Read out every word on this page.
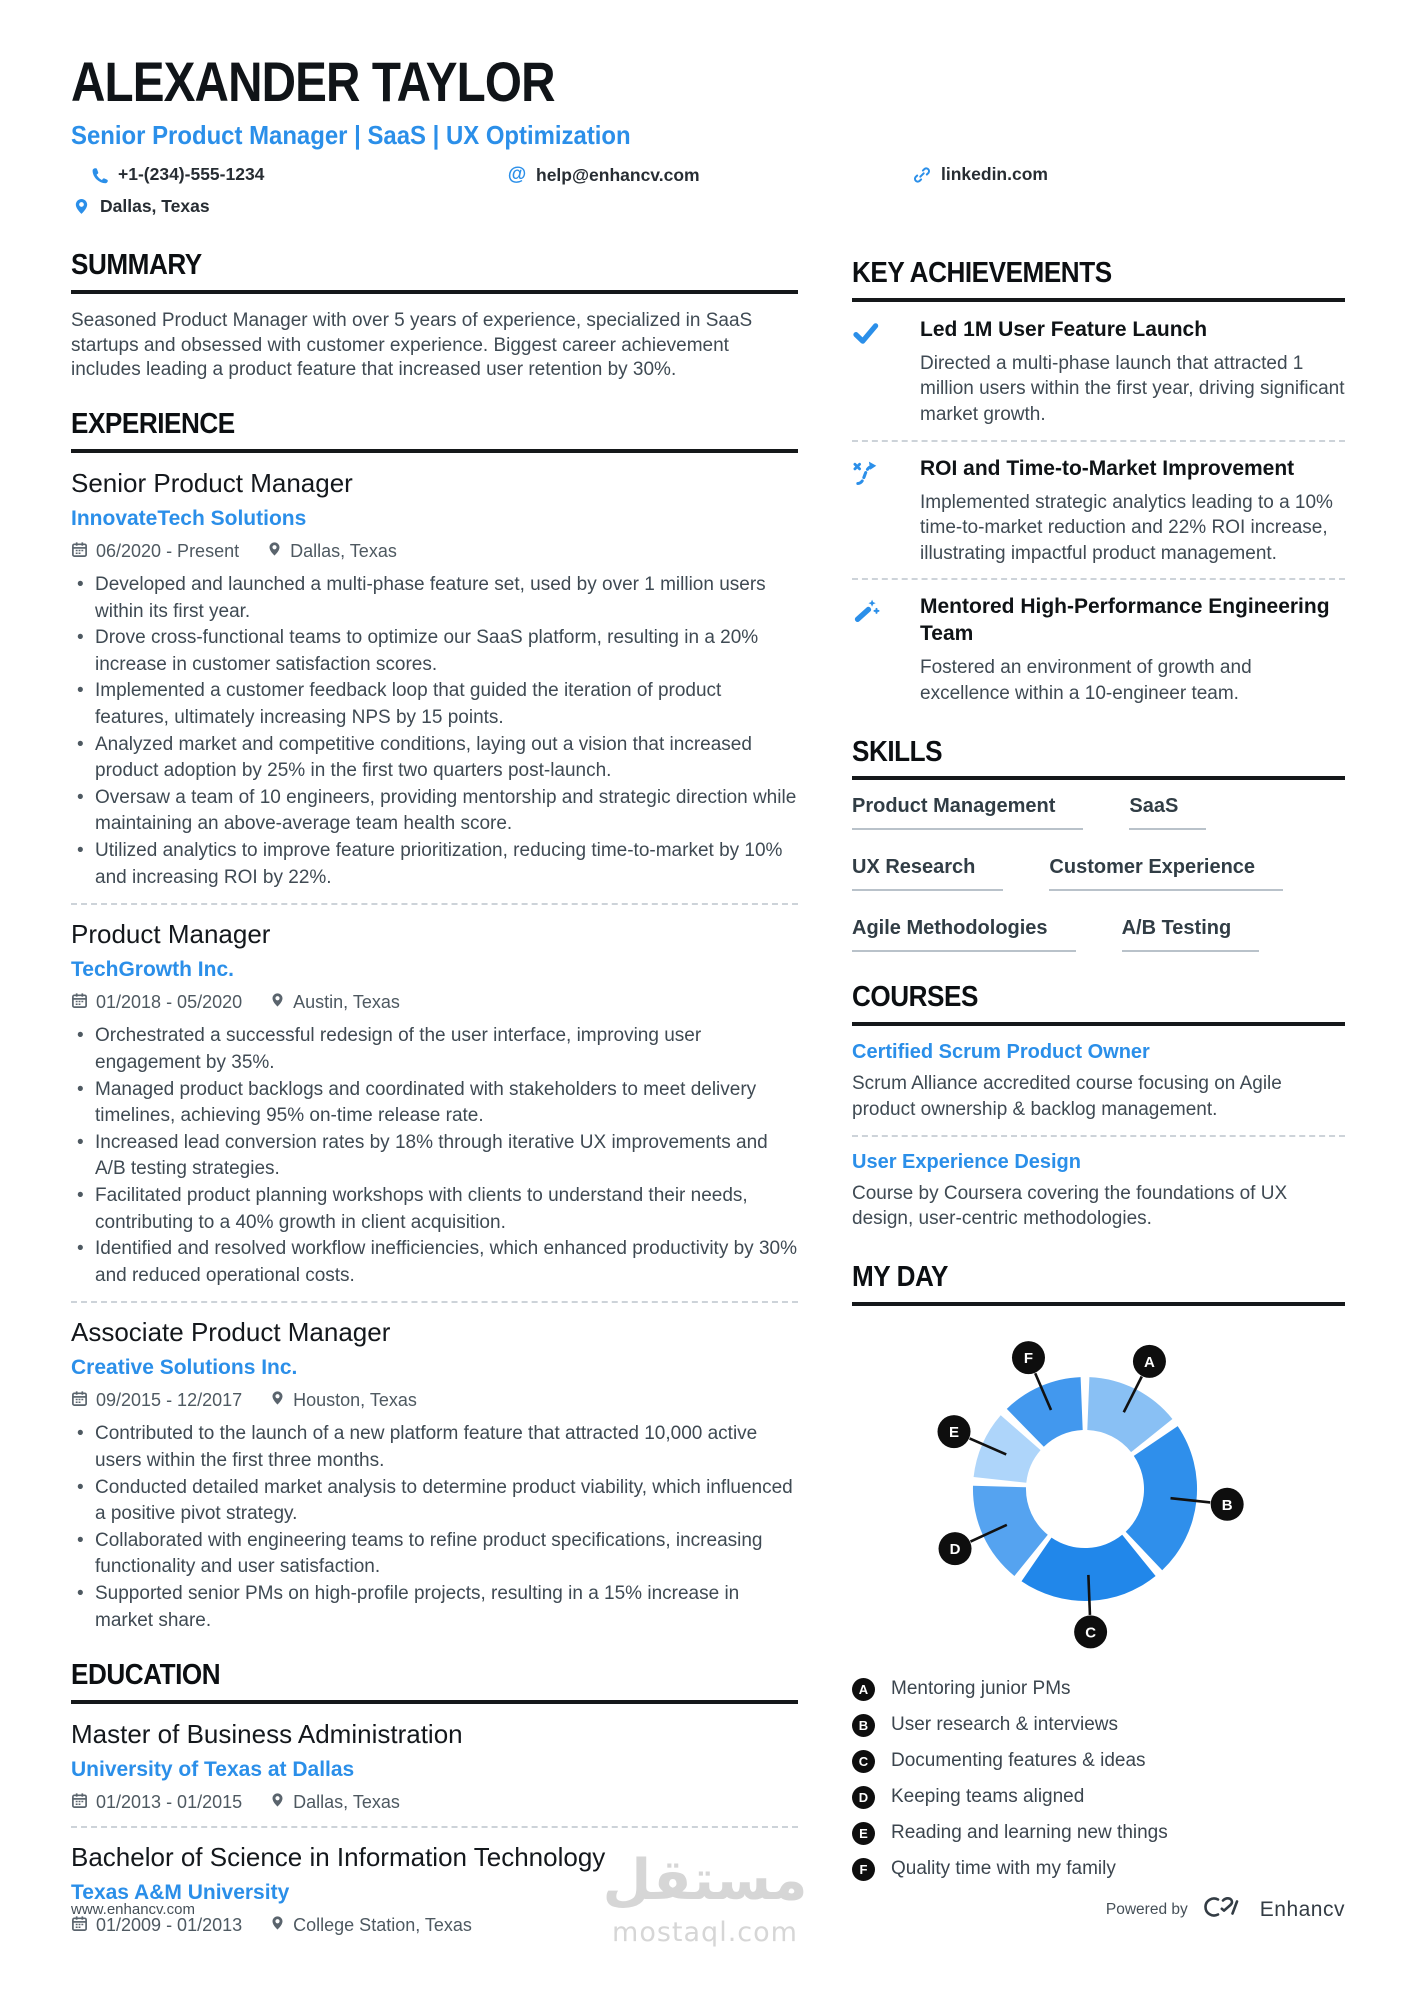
ALEXANDER TAYLOR
Senior Product Manager | SaaS | UX Optimization
+1-(234)-555-1234	@ help@enhancv.com	linkedin.com
Dallas, Texas
SUMMARY

Seasoned Product Manager with over 5 years of experience, specialized in SaaS startups and obsessed with customer experience. Biggest career achievement includes leading a product feature that increased user retention by 30%.

EXPERIENCE
Senior Product Manager
InnovateTech Solutions
06/2020 - Present	Dallas, Texas
• Developed and launched a multi-phase feature set, used by over 1 million users within its first year.
• Drove cross-functional teams to optimize our SaaS platform, resulting in a 20% increase in customer satisfaction scores.
• Implemented a customer feedback loop that guided the iteration of product features, ultimately increasing NPS by 15 points.
• Analyzed market and competitive conditions, laying out a vision that increased product adoption by 25% in the first two quarters post-launch.
• Oversaw a team of 10 engineers, providing mentorship and strategic direction while maintaining an above-average team health score.
• Utilized analytics to improve feature prioritization, reducing time-to-market by 10% and increasing ROI by 22%.
Product Manager
TechGrowth Inc.
01/2018 - 05/2020	Austin, Texas
• Orchestrated a successful redesign of the user interface, improving user engagement by 35%.
• Managed product backlogs and coordinated with stakeholders to meet delivery timelines, achieving 95% on-time release rate.
• Increased lead conversion rates by 18% through iterative UX improvements and A/B testing strategies.
• Facilitated product planning workshops with clients to understand their needs, contributing to a 40% growth in client acquisition.
• Identified and resolved workflow inefficiencies, which enhanced productivity by 30% and reduced operational costs.
Associate Product Manager
Creative Solutions Inc.
09/2015 - 12/2017	Houston, Texas
• Contributed to the launch of a new platform feature that attracted 10,000 active users within the first three months.
• Conducted detailed market analysis to determine product viability, which influenced a positive pivot strategy.
• Collaborated with engineering teams to refine product specifications, increasing functionality and user satisfaction.
• Supported senior PMs on high-profile projects, resulting in a 15% increase in market share.
EDUCATION
Master of Business Administration
University of Texas at Dallas
01/2013 - 01/2015	Dallas, Texas
Bachelor of Science in Information Technology
Texas A&M University
01/2009 - 01/2013	College Station, Texas
KEY ACHIEVEMENTS
Led 1M User Feature Launch
Directed a multi-phase launch that attracted 1 million users within the first year, driving significant market growth.
ROI and Time-to-Market Improvement
Implemented strategic analytics leading to a 10% time-to-market reduction and 22% ROI increase, illustrating impactful product management.
Mentored High-Performance Engineering Team
Fostered an environment of growth and excellence within a 10-engineer team.
SKILLS
Product Management	SaaS
UX Research	Customer Experience
Agile Methodologies	A/B Testing
COURSES
Certified Scrum Product Owner

Scrum Alliance accredited course focusing on Agile product ownership & backlog management.

User Experience Design

Course by Coursera covering the foundations of UX design, user-centric methodologies.

MY DAY
A
B
C
D
E
F
A	Mentoring junior PMs
B	User research & interviews
C	Documenting features & ideas
D	Keeping teams aligned
E	Reading and learning new things
F	Quality time with my family
مستقل
mostaql.com
www.enhancv.com	Powered by	Enhancv
